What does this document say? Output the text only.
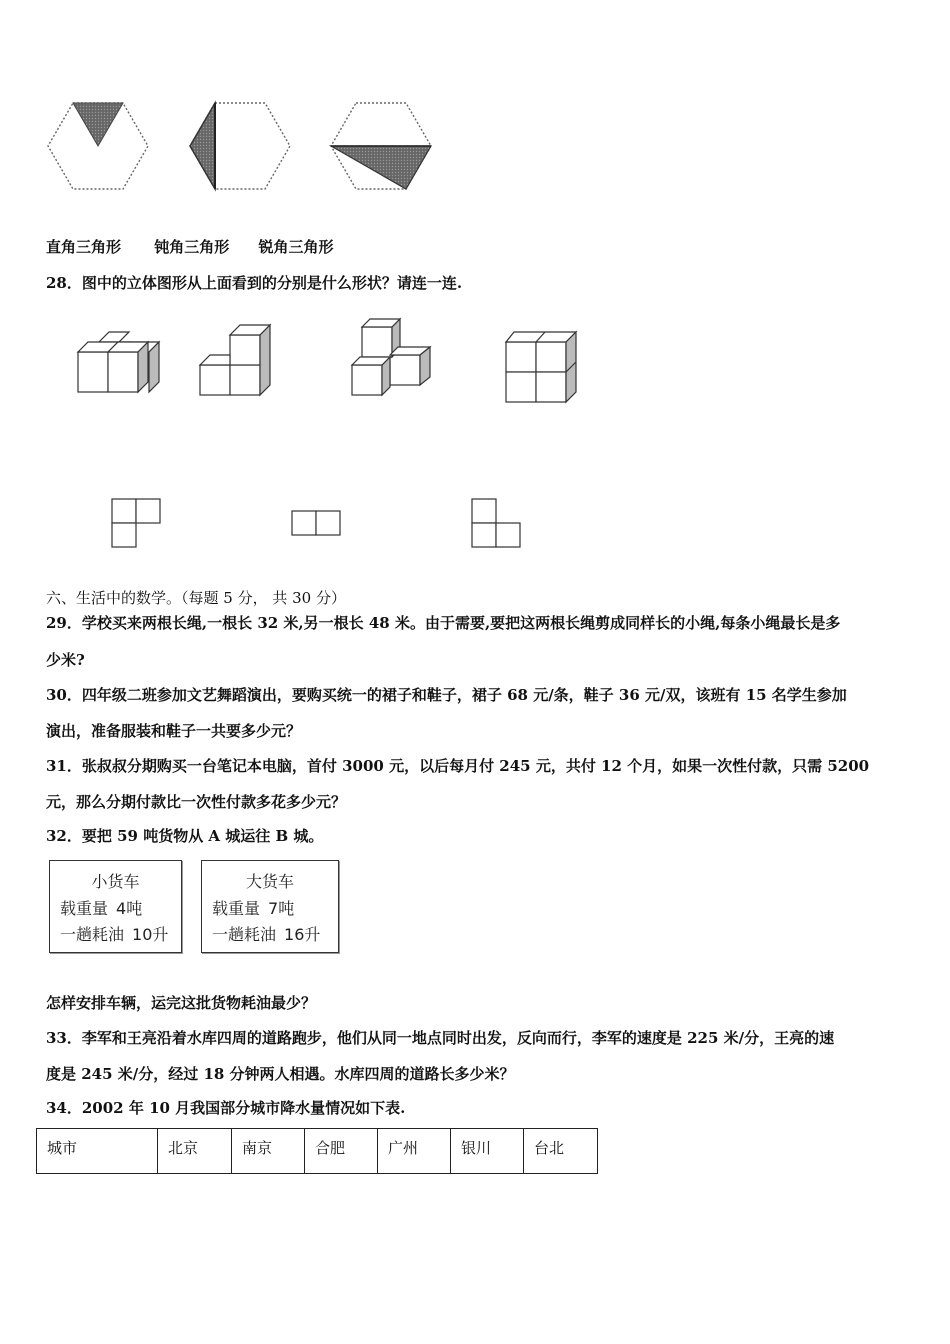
直角三角形 钝角三角形 锐角三角形
28．图中的立体图形从上面看到的分别是什么形状？请连一连.
六、生活中的数学。（每题 5 分， 共 30 分）
29．学校买来两根长绳,一根长 32 米,另一根长 48 米。由于需要,要把这两根长绳剪成同样长的小绳,每条小绳最长是多
少米?
30．四年级二班参加文艺舞蹈演出，要购买统一的裙子和鞋子，裙子 68 元/条，鞋子 36 元/双，该班有 15 名学生参加
演出，准备服装和鞋子一共要多少元？
31．张叔叔分期购买一台笔记本电脑，首付 3000 元，以后每月付 245 元，共付 12 个月，如果一次性付款，只需 5200
元，那么分期付款比一次性付款多花多少元？
32．要把 59 吨货物从 A 城运往 B 城。
小货车
载重量 4吨
一趟耗油 10升
大货车
载重量 7吨
一趟耗油 16升
怎样安排车辆，运完这批货物耗油最少？
33．李军和王亮沿着水库四周的道路跑步，他们从同一地点同时出发，反向而行，李军的速度是 225 米/分，王亮的速
度是 245 米/分，经过 18 分钟两人相遇。水库四周的道路长多少米？
34．2002 年 10 月我国部分城市降水量情况如下表.
城市	北京	南京	合肥	广州	银川	台北
